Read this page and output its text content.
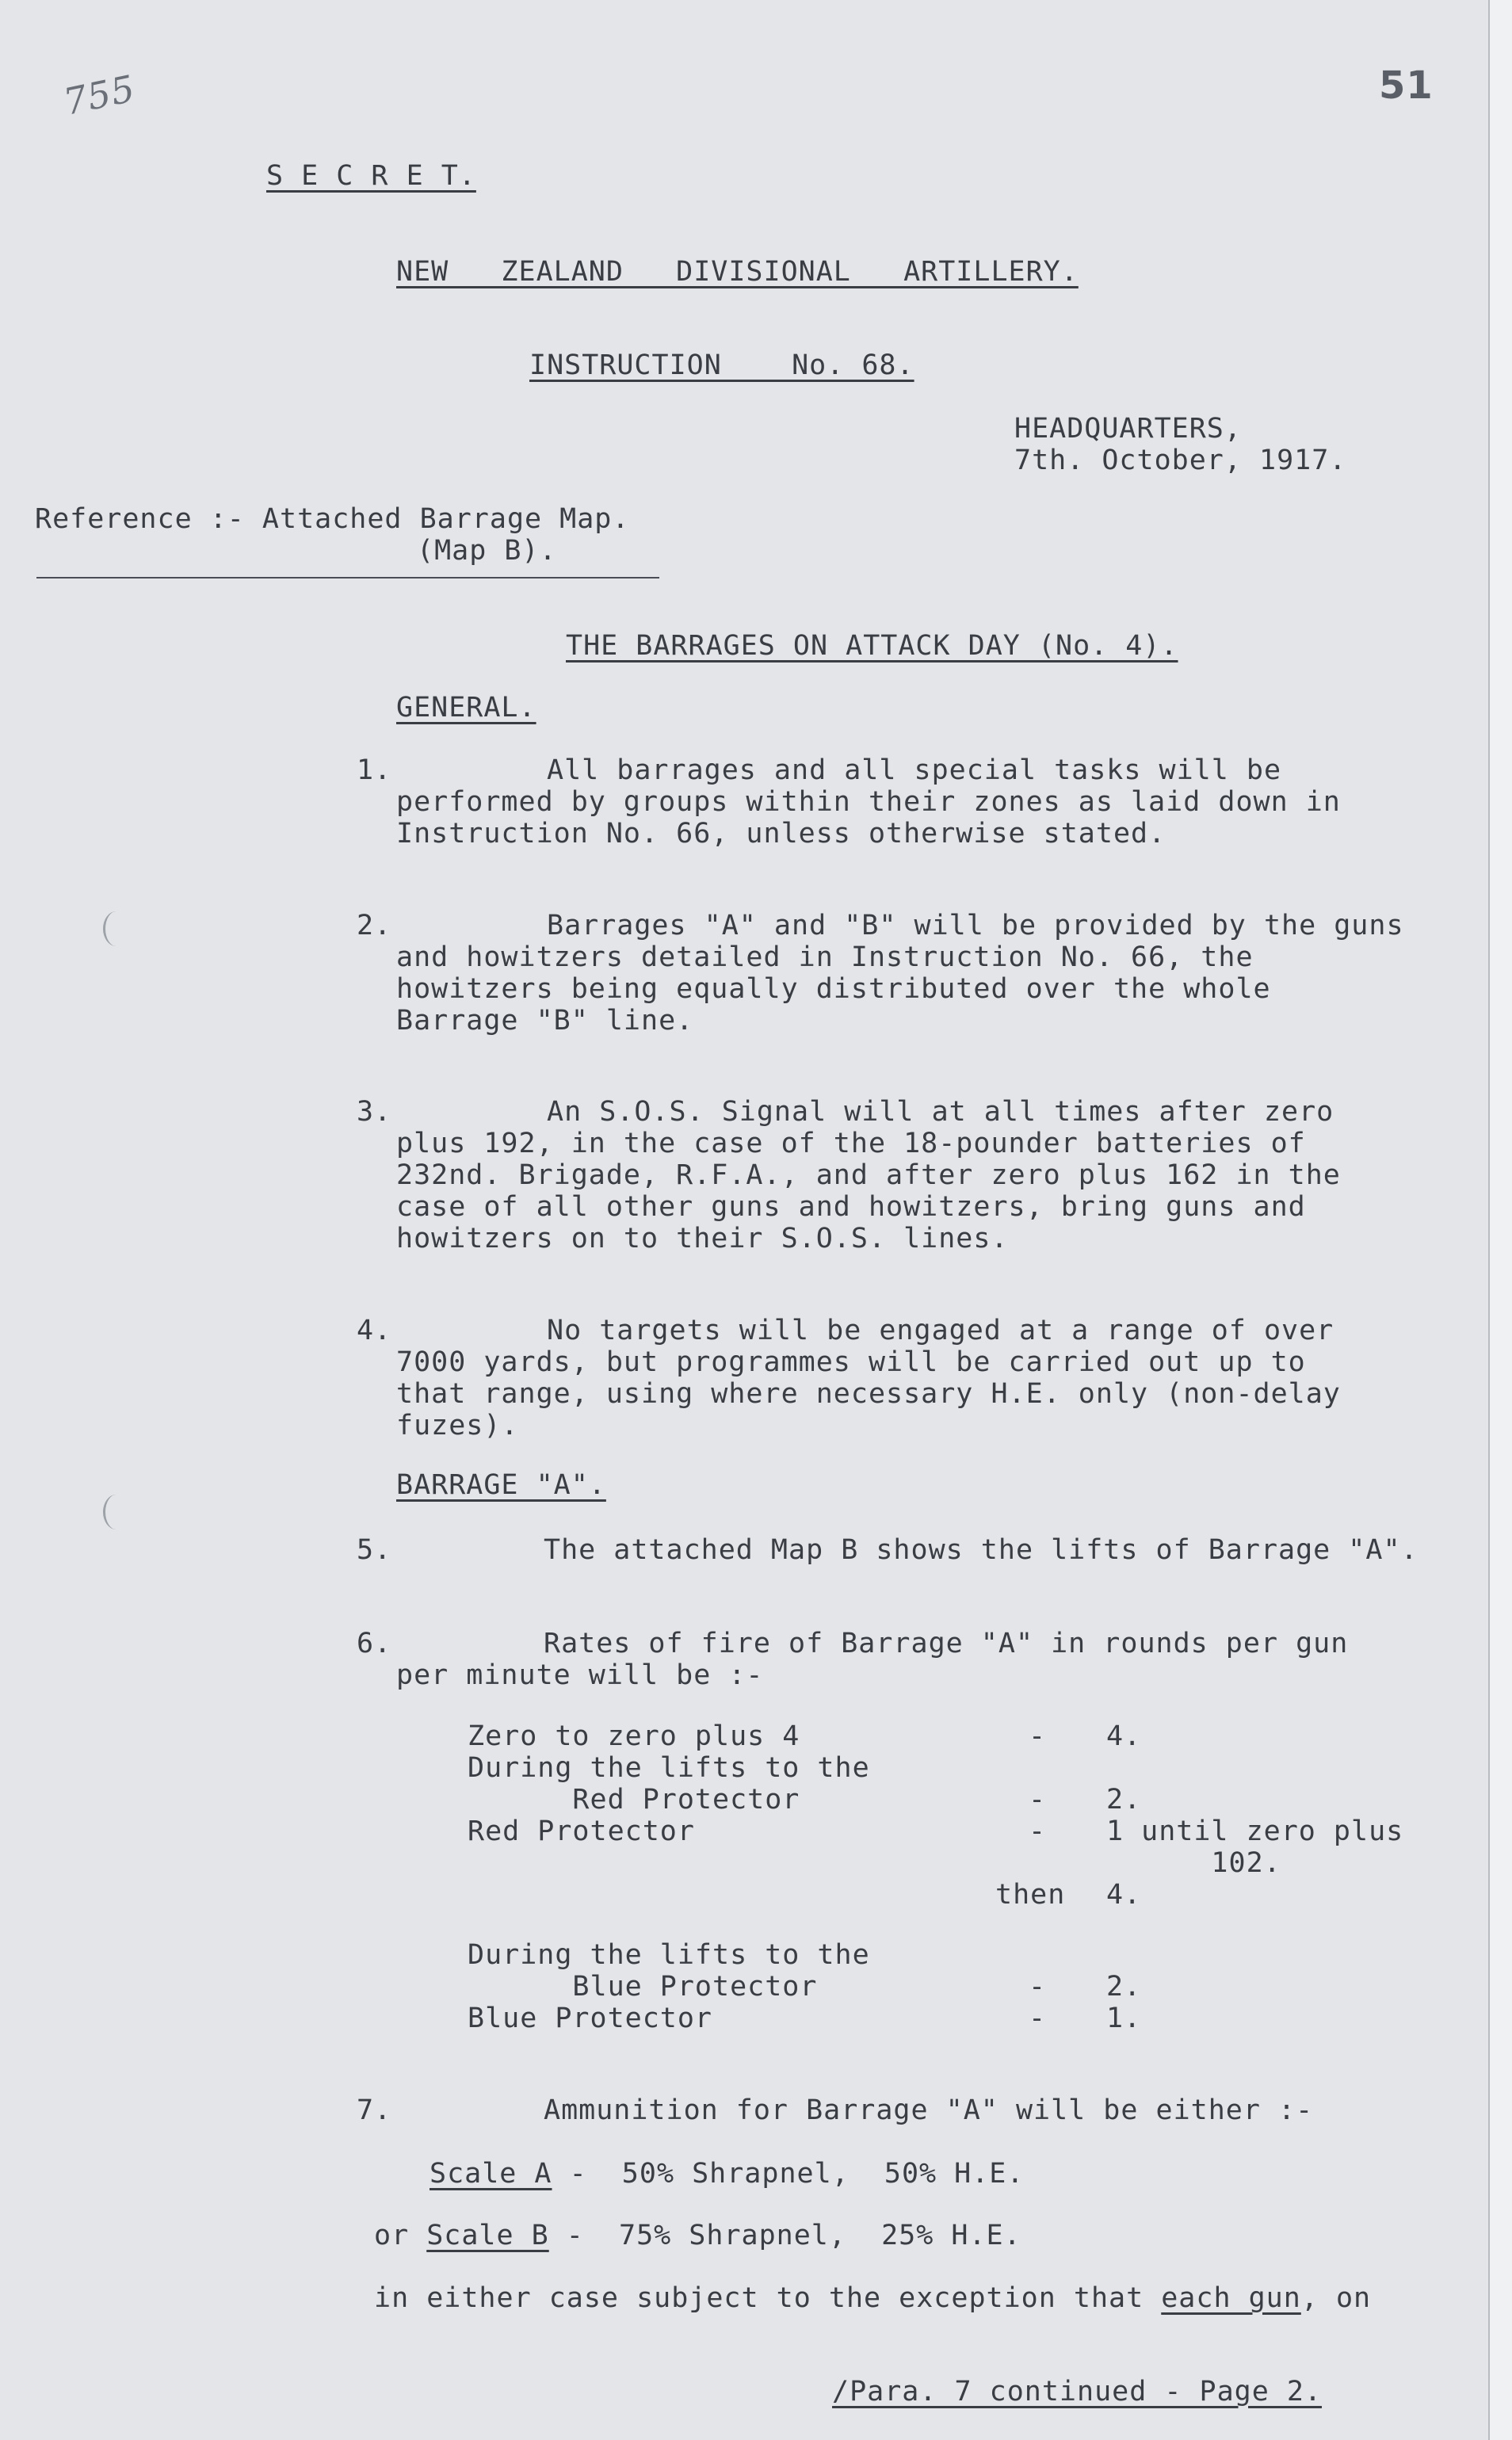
755	51
S E C R E T.
NEW   ZEALAND   DIVISIONAL   ARTILLERY.
INSTRUCTION    No. 68.
HEADQUARTERS,
7th. October, 1917.
Reference :- Attached Barrage Map.
(Map B).
THE BARRAGES ON ATTACK DAY (No. 4).
GENERAL.
1.	All barrages and all special tasks will be
performed by groups within their zones as laid down in
Instruction No. 66, unless otherwise stated.
2.	Barrages "A" and "B" will be provided by the guns
and howitzers detailed in Instruction No. 66, the
howitzers being equally distributed over the whole
Barrage "B" line.
3.	An S.O.S. Signal will at all times after zero
plus 192, in the case of the 18-pounder batteries of
232nd. Brigade, R.F.A., and after zero plus 162 in the
case of all other guns and howitzers, bring guns and
howitzers on to their S.O.S. lines.
4.	No targets will be engaged at a range of over
7000 yards, but programmes will be carried out up to
that range, using where necessary H.E. only (non-delay
fuzes).
BARRAGE "A".
5.	The attached Map B shows the lifts of Barrage "A".
6.	Rates of fire of Barrage "A" in rounds per gun
per minute will be :-
Zero to zero plus 4	- 4.
During the lifts to the
Red Protector	- 2.
Red Protector	- 1 until zero plus
102.
then 4.
During the lifts to the
Blue Protector	- 2.
Blue Protector	- 1.
7.	Ammunition for Barrage "A" will be either :-
Scale A -  50% Shrapnel,  50% H.E.
or Scale B -  75% Shrapnel,  25% H.E.
in either case subject to the exception that each gun, on
/Para. 7 continued - Page 2.
